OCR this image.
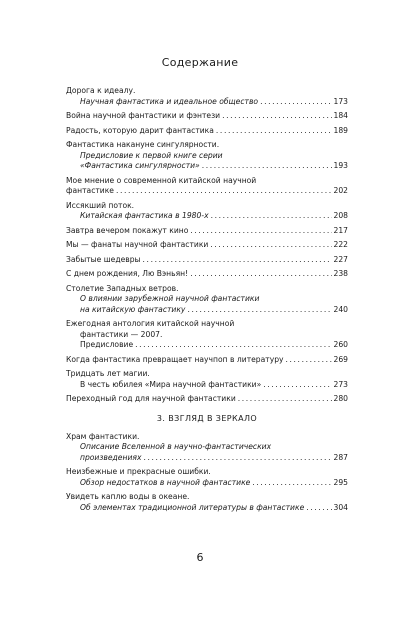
Содержание
Дорога к идеалу.
Научная фантастика и идеальное общество .....	173
Война научной фантастики и фэнтези .....	184
Радость, которую дарит фантастика .....	189
Фантастика накануне сингулярности.
Предисловие к первой книге серии
«Фантастика сингулярности» .....	193
Мое мнение о современной китайской научной
фантастике .....	202
Иссякший поток.
Китайская фантастика в 1980-х .....	208
Завтра вечером покажут кино .....	217
Мы — фанаты научной фантастики .....	222
Забытые шедевры .....	227
С днем рождения, Лю Вэньян! .....	238
Столетие Западных ветров.
О влиянии зарубежной научной фантастики
на китайскую фантастику .....	240
Ежегодная антология китайской научной
фантастики — 2007.
Предисловие .....	260
Когда фантастика превращает научпоп в литературу .....	269
Тридцать лет магии.
В честь юбилея «Мира научной фантастики» .....	273
Переходный год для научной фантастики .....	280
3. ВЗГЛЯД В ЗЕРКАЛО
Храм фантастики.
Описание Вселенной в научно-фантастических
произведениях .....	287
Неизбежные и прекрасные ошибки.
Обзор недостатков в научной фантастике .....	295
Увидеть каплю воды в океане.
Об элементах традиционной литературы в фантастике .....	304
6
